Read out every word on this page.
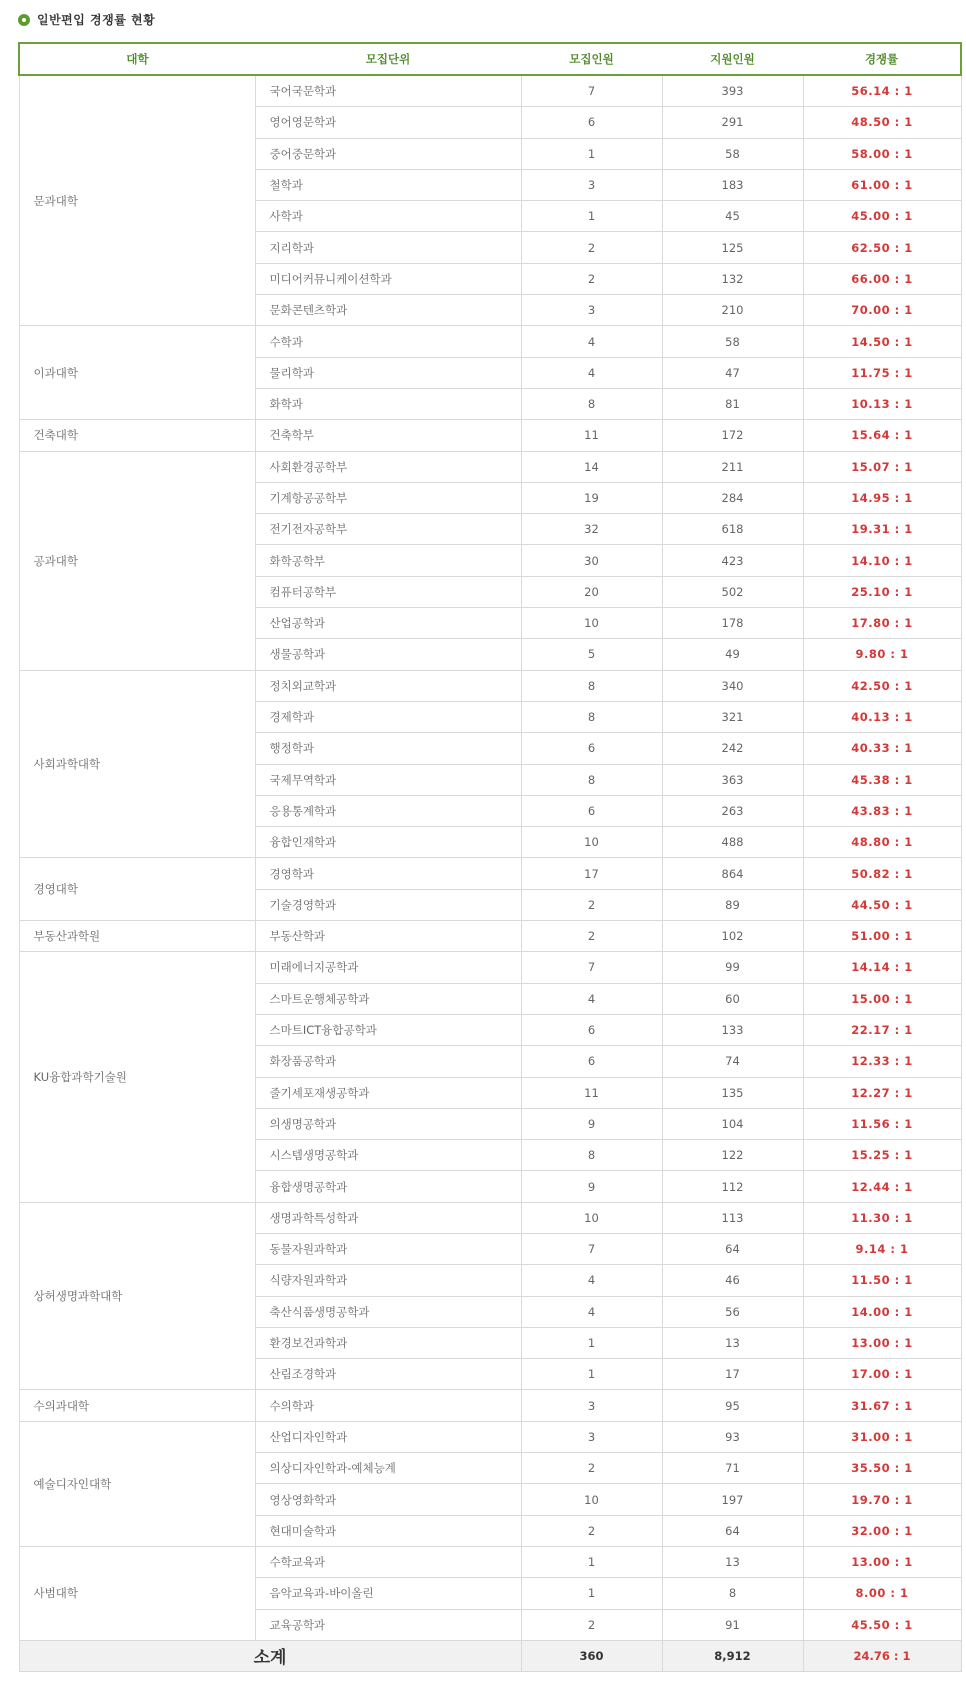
일반편입 경쟁률 현황
대학	모집단위	모집인원	지원인원	경쟁률
문과대학	국어국문학과	7	393	56.14 : 1
	영어영문학과	6	291	48.50 : 1
	중어중문학과	1	58	58.00 : 1
	철학과	3	183	61.00 : 1
	사학과	1	45	45.00 : 1
	지리학과	2	125	62.50 : 1
	미디어커뮤니케이션학과	2	132	66.00 : 1
	문화콘텐츠학과	3	210	70.00 : 1
이과대학	수학과	4	58	14.50 : 1
	물리학과	4	47	11.75 : 1
	화학과	8	81	10.13 : 1
건축대학	건축학부	11	172	15.64 : 1
공과대학	사회환경공학부	14	211	15.07 : 1
	기계항공공학부	19	284	14.95 : 1
	전기전자공학부	32	618	19.31 : 1
	화학공학부	30	423	14.10 : 1
	컴퓨터공학부	20	502	25.10 : 1
	산업공학과	10	178	17.80 : 1
	생물공학과	5	49	9.80 : 1
사회과학대학	정치외교학과	8	340	42.50 : 1
	경제학과	8	321	40.13 : 1
	행정학과	6	242	40.33 : 1
	국제무역학과	8	363	45.38 : 1
	응용통계학과	6	263	43.83 : 1
	융합인재학과	10	488	48.80 : 1
경영대학	경영학과	17	864	50.82 : 1
	기술경영학과	2	89	44.50 : 1
부동산과학원	부동산학과	2	102	51.00 : 1
KU융합과학기술원	미래에너지공학과	7	99	14.14 : 1
	스마트운행체공학과	4	60	15.00 : 1
	스마트ICT융합공학과	6	133	22.17 : 1
	화장품공학과	6	74	12.33 : 1
	줄기세포재생공학과	11	135	12.27 : 1
	의생명공학과	9	104	11.56 : 1
	시스템생명공학과	8	122	15.25 : 1
	융합생명공학과	9	112	12.44 : 1
상허생명과학대학	생명과학특성학과	10	113	11.30 : 1
	동물자원과학과	7	64	9.14 : 1
	식량자원과학과	4	46	11.50 : 1
	축산식품생명공학과	4	56	14.00 : 1
	환경보건과학과	1	13	13.00 : 1
	산림조경학과	1	17	17.00 : 1
수의과대학	수의학과	3	95	31.67 : 1
예술디자인대학	산업디자인학과	3	93	31.00 : 1
	의상디자인학과-예체능계	2	71	35.50 : 1
	영상영화학과	10	197	19.70 : 1
	현대미술학과	2	64	32.00 : 1
사범대학	수학교육과	1	13	13.00 : 1
	음악교육과-바이올린	1	8	8.00 : 1
	교육공학과	2	91	45.50 : 1
소계		360	8,912	24.76 : 1
